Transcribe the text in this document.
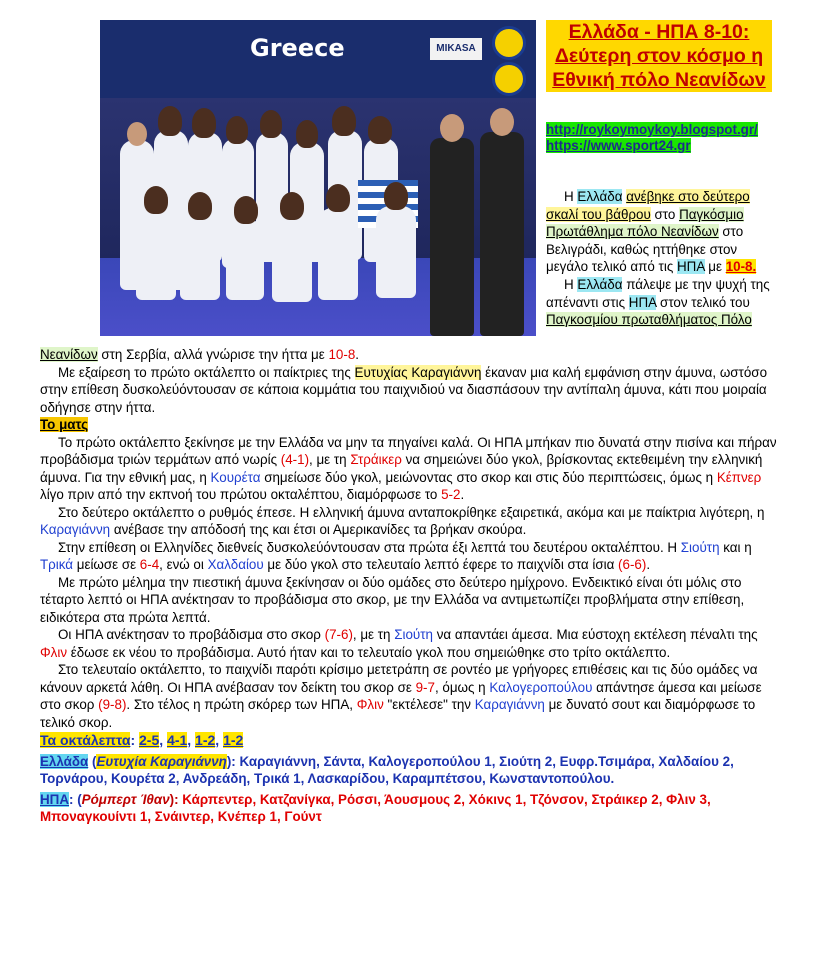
Greece	MIKASA
Ελλάδα - ΗΠΑ 8-10: Δεύτερη στον κόσμο η Εθνική πόλο Νεανίδων
http://roykoymoykoy.blogspot.gr/
https://www.sport24.gr

Η Ελλάδα ανέβηκε στο δεύτερο σκαλί του βάθρου στο Παγκόσμιο Πρωτάθλημα πόλο Νεανίδων στο Βελιγράδι, καθώς ηττήθηκε στον μεγάλο τελικό από τις ΗΠΑ με 10-8.

Η Ελλάδα πάλεψε με την ψυχή της απέναντι στις ΗΠΑ στον τελικό του Παγκοσμίου πρωταθλήματος Πόλο

Νεανίδων στη Σερβία, αλλά γνώρισε την ήττα με 10-8.

Με εξαίρεση το πρώτο οκτάλεπτο οι παίκτριες της Ευτυχίας Καραγιάννη έκαναν μια καλή εμφάνιση στην άμυνα, ωστόσο στην επίθεση δυσκολεύόντουσαν σε κάποια κομμάτια του παιχνιδιού να διασπάσουν την αντίπαλη άμυνα, κάτι που μοιραία οδήγησε στην ήττα.

Το ματς

Το πρώτο οκτάλεπτο ξεκίνησε με την Ελλάδα να μην τα πηγαίνει καλά. Οι ΗΠΑ μπήκαν πιο δυνατά στην πισίνα και πήραν προβάδισμα τριών τερμάτων από νωρίς (4-1), με τη Στράικερ να σημειώνει δύο γκολ, βρίσκοντας εκτεθειμένη την ελληνική άμυνα. Για την εθνική μας, η Κουρέτα σημείωσε δύο γκολ, μειώνοντας στο σκορ και στις δύο περιπτώσεις, όμως η Κέπνερ λίγο πριν από την εκπνοή του πρώτου οκταλέπτου, διαμόρφωσε το 5-2.

Στο δεύτερο οκτάλεπτο ο ρυθμός έπεσε. Η ελληνική άμυνα ανταποκρίθηκε εξαιρετικά, ακόμα και με παίκτρια λιγότερη, η Καραγιάννη ανέβασε την απόδοσή της και έτσι οι Αμερικανίδες τα βρήκαν σκούρα.

Στην επίθεση οι Ελληνίδες διεθνείς δυσκολεύόντουσαν στα πρώτα έξι λεπτά του δευτέρου οκταλέπτου. Η Σιούτη και η Τρικά μείωσε σε 6-4, ενώ οι Χαλδαίου με δύο γκολ στο τελευταίο λεπτό έφερε το παιχνίδι στα ίσια (6-6).

Με πρώτο μέλημα την πιεστική άμυνα ξεκίνησαν οι δύο ομάδες στο δεύτερο ημίχρονο. Ενδεικτικό είναι ότι μόλις στο τέταρτο λεπτό οι ΗΠΑ ανέκτησαν το προβάδισμα στο σκορ, με την Ελλάδα να αντιμετωπίζει προβλήματα στην επίθεση, ειδικότερα στα πρώτα λεπτά.

Οι ΗΠΑ ανέκτησαν το προβάδισμα στο σκορ (7-6), με τη Σιούτη να απαντάει άμεσα. Μια εύστοχη εκτέλεση πέναλτι της Φλιν έδωσε εκ νέου το προβάδισμα. Αυτό ήταν και το τελευταίο γκολ που σημειώθηκε στο τρίτο οκτάλεπτο.

Στο τελευταίο οκτάλεπτο, το παιχνίδι παρότι κρίσιμο μετετράπη σε ροντέο με γρήγορες επιθέσεις και τις δύο ομάδες να κάνουν αρκετά λάθη. Οι ΗΠΑ ανέβασαν τον δείκτη του σκορ σε 9-7, όμως η Καλογεροπούλου απάντησε άμεσα και μείωσε στο σκορ (9-8). Στο τέλος η πρώτη σκόρερ των ΗΠΑ, Φλιν "εκτέλεσε" την Καραγιάννη με δυνατό σουτ και διαμόρφωσε το τελικό σκορ.

Τα οκτάλεπτα: 2-5, 4-1, 1-2, 1-2

Ελλάδα (Ευτυχία Καραγιάννη): Καραγιάννη, Σάντα, Καλογεροπούλου 1, Σιούτη 2, Ευφρ.Τσιμάρα, Χαλδαίου 2, Τορνάρου, Κουρέτα 2, Ανδρεάδη, Τρικά 1, Λασκαρίδου, Καραμπέτσου, Κωνσταντοπούλου.

ΗΠΑ: (Ρόμπερτ Ίθαν): Κάρπεντερ, Κατζανίγκα, Ρόσσι, Άουσμους 2, Χόκινς 1, Τζόνσον, Στράικερ 2, Φλιν 3, Μποναγκουίντι 1, Σνάιντερ, Κνέπερ 1, Γούντ
